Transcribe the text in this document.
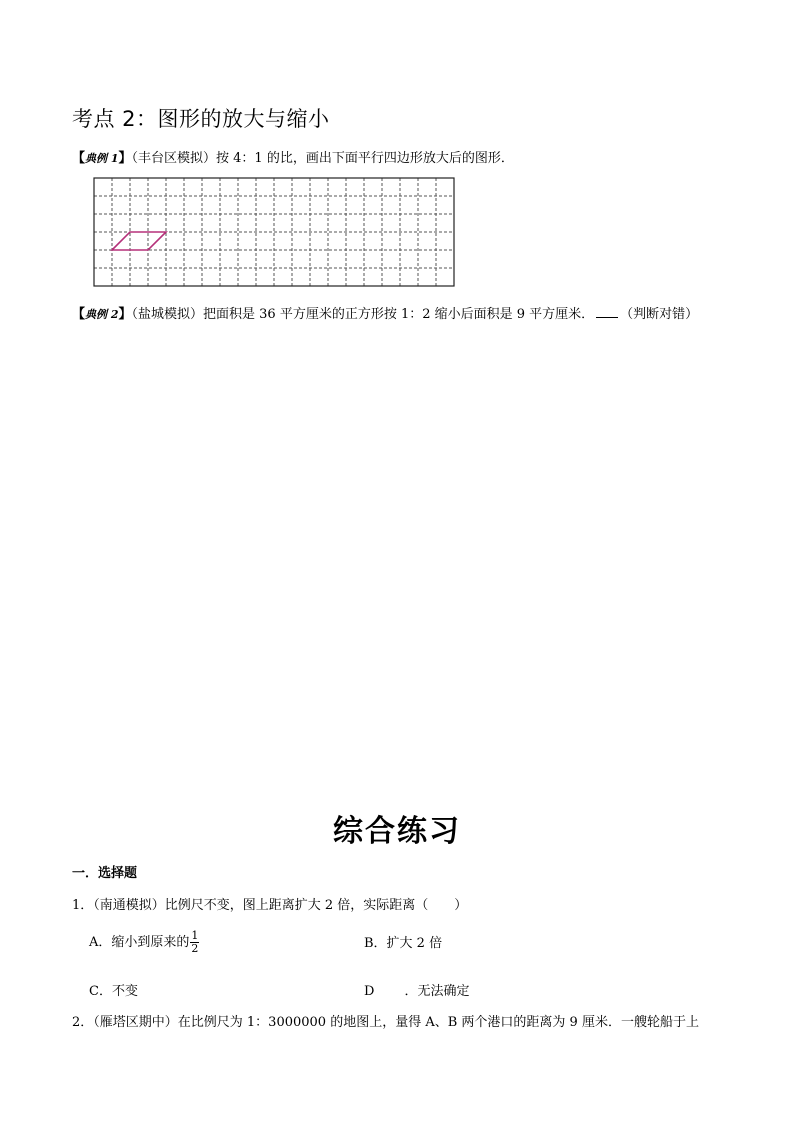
考点 2：图形的放大与缩小
【典例 1】（丰台区模拟）按 4：1 的比，画出下面平行四边形放大后的图形．
【典例 2】（盐城模拟）把面积是 36 平方厘米的正方形按 1：2 缩小后面积是 9 平方厘米． （判断对错）
综合练习
一．选择题
1．（南通模拟）比例尺不变，图上距离扩大 2 倍，实际距离（　　）
A．缩小到原来的 $\frac{1}{2}$	B．扩大 2 倍
C．不变	D ．无法确定
2．（雁塔区期中）在比例尺为 1：3000000 的地图上，量得 A、B 两个港口的距离为 9 厘米．一艘轮船于上
